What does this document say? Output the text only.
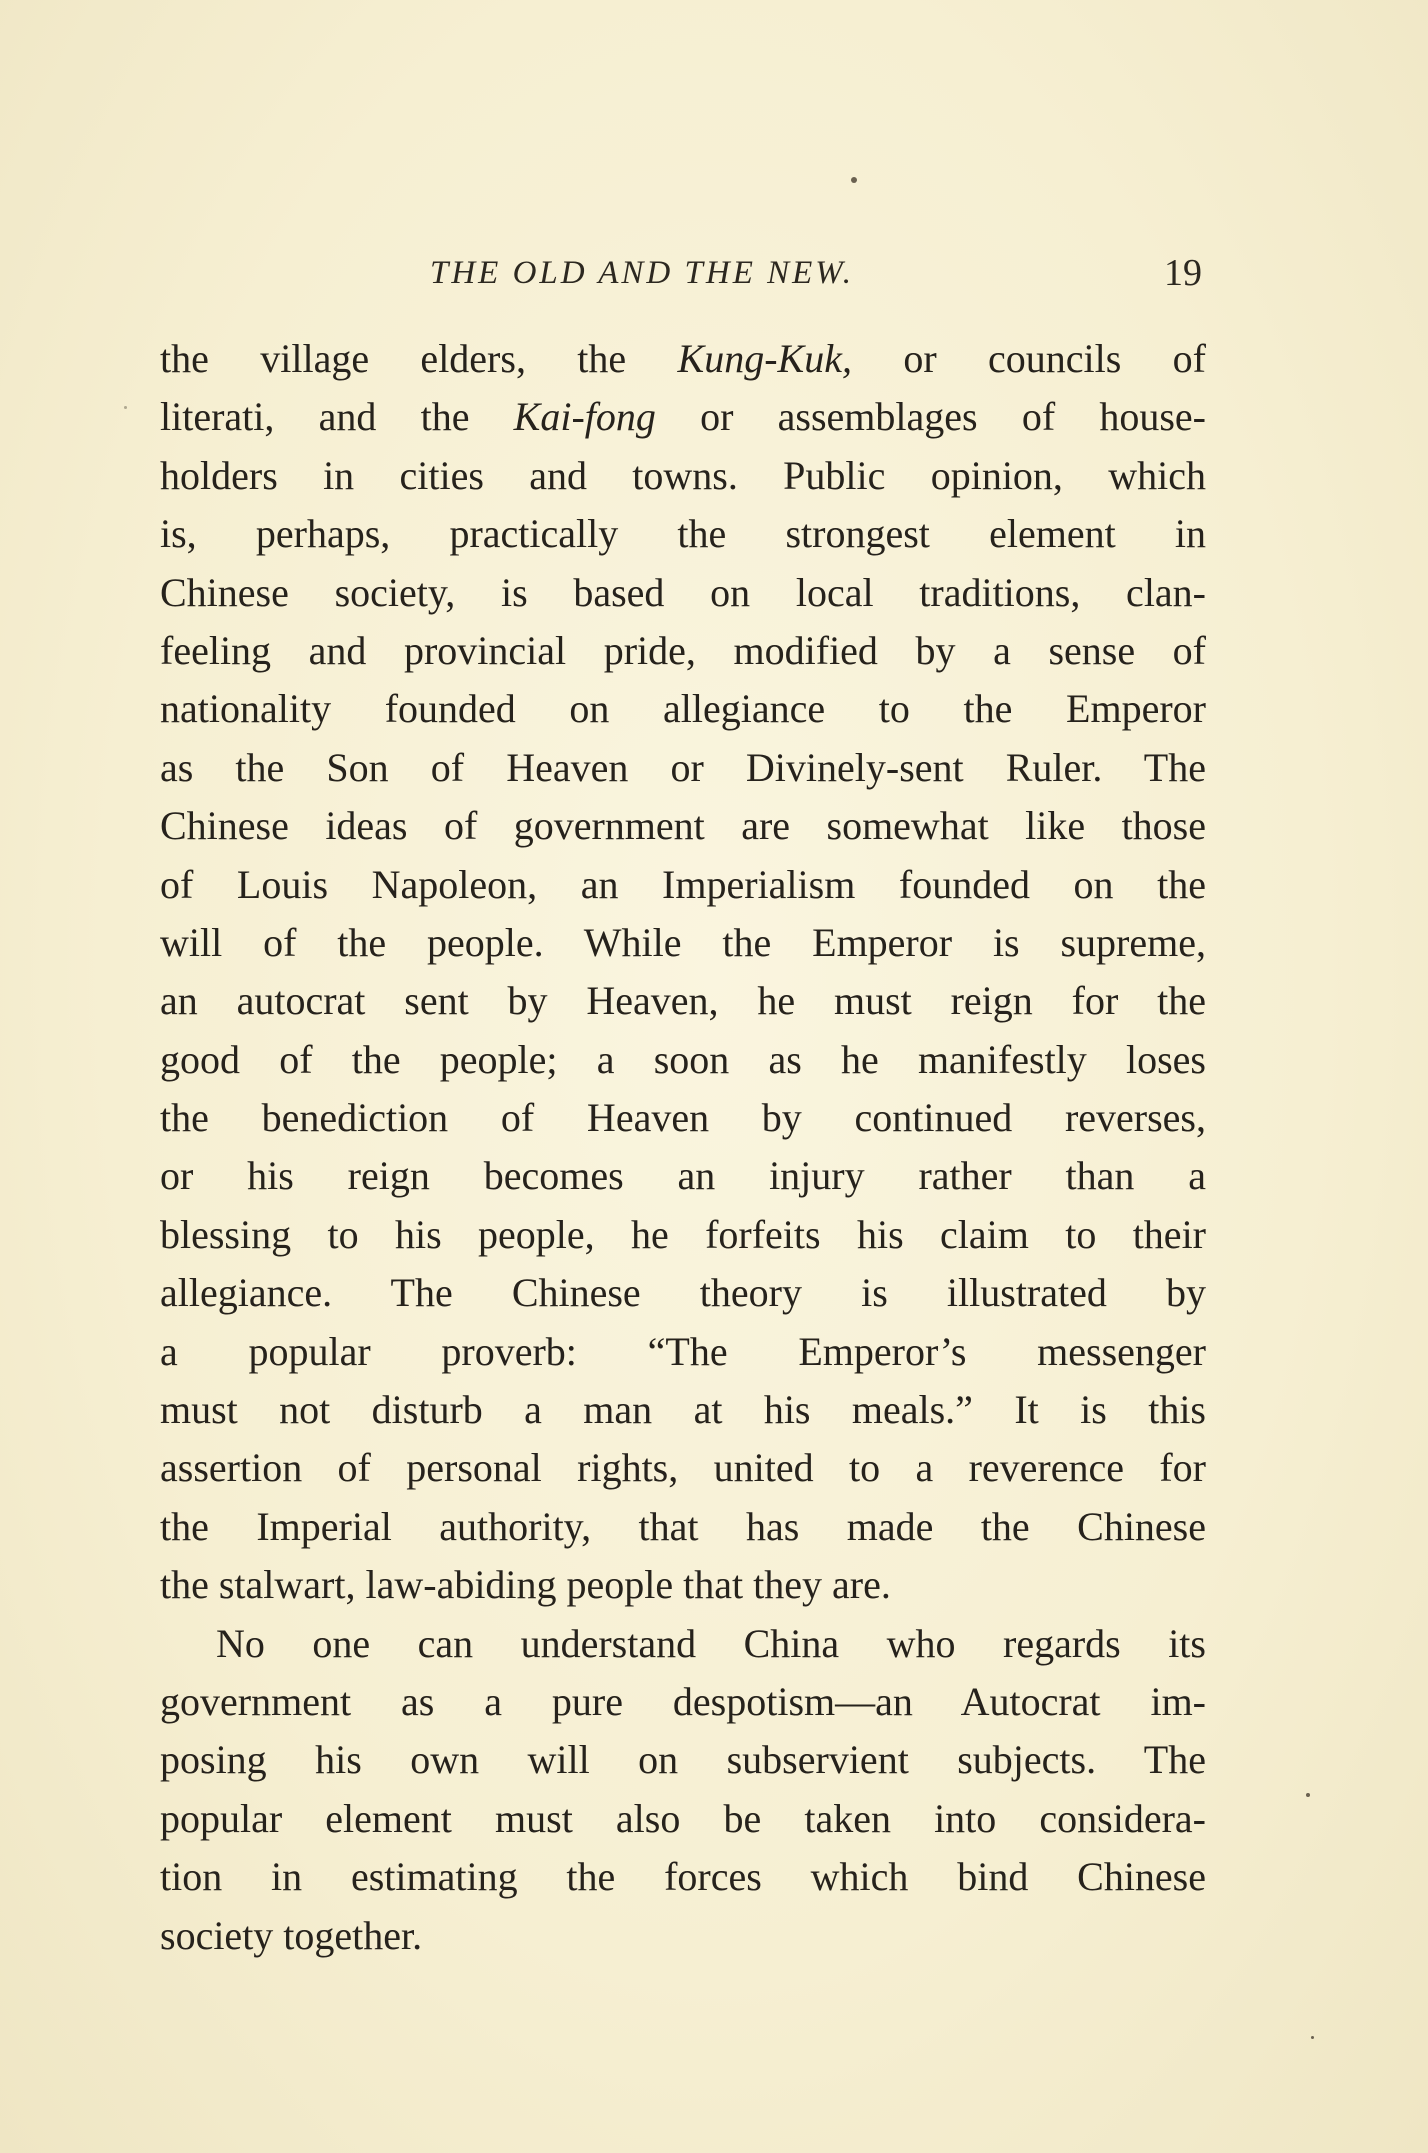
THE OLD AND THE NEW.	19
the village elders, the Kung-Kuk, or councils of
literati, and the Kai-fong or assemblages of house-
holders in cities and towns. Public opinion, which
is, perhaps, practically the strongest element in
Chinese society, is based on local traditions, clan-
feeling and provincial pride, modified by a sense of
nationality founded on allegiance to the Emperor
as the Son of Heaven or Divinely-sent Ruler. The
Chinese ideas of government are somewhat like those
of Louis Napoleon, an Imperialism founded on the
will of the people. While the Emperor is supreme,
an autocrat sent by Heaven, he must reign for the
good of the people; a soon as he manifestly loses
the benediction of Heaven by continued reverses,
or his reign becomes an injury rather than a
blessing to his people, he forfeits his claim to their
allegiance. The Chinese theory is illustrated by
a popular proverb: “The Emperor’s messenger
must not disturb a man at his meals.” It is this
assertion of personal rights, united to a reverence for
the Imperial authority, that has made the Chinese
the stalwart, law-abiding people that they are.
No one can understand China who regards its
government as a pure despotism—an Autocrat im-
posing his own will on subservient subjects. The
popular element must also be taken into considera-
tion in estimating the forces which bind Chinese
society together.
